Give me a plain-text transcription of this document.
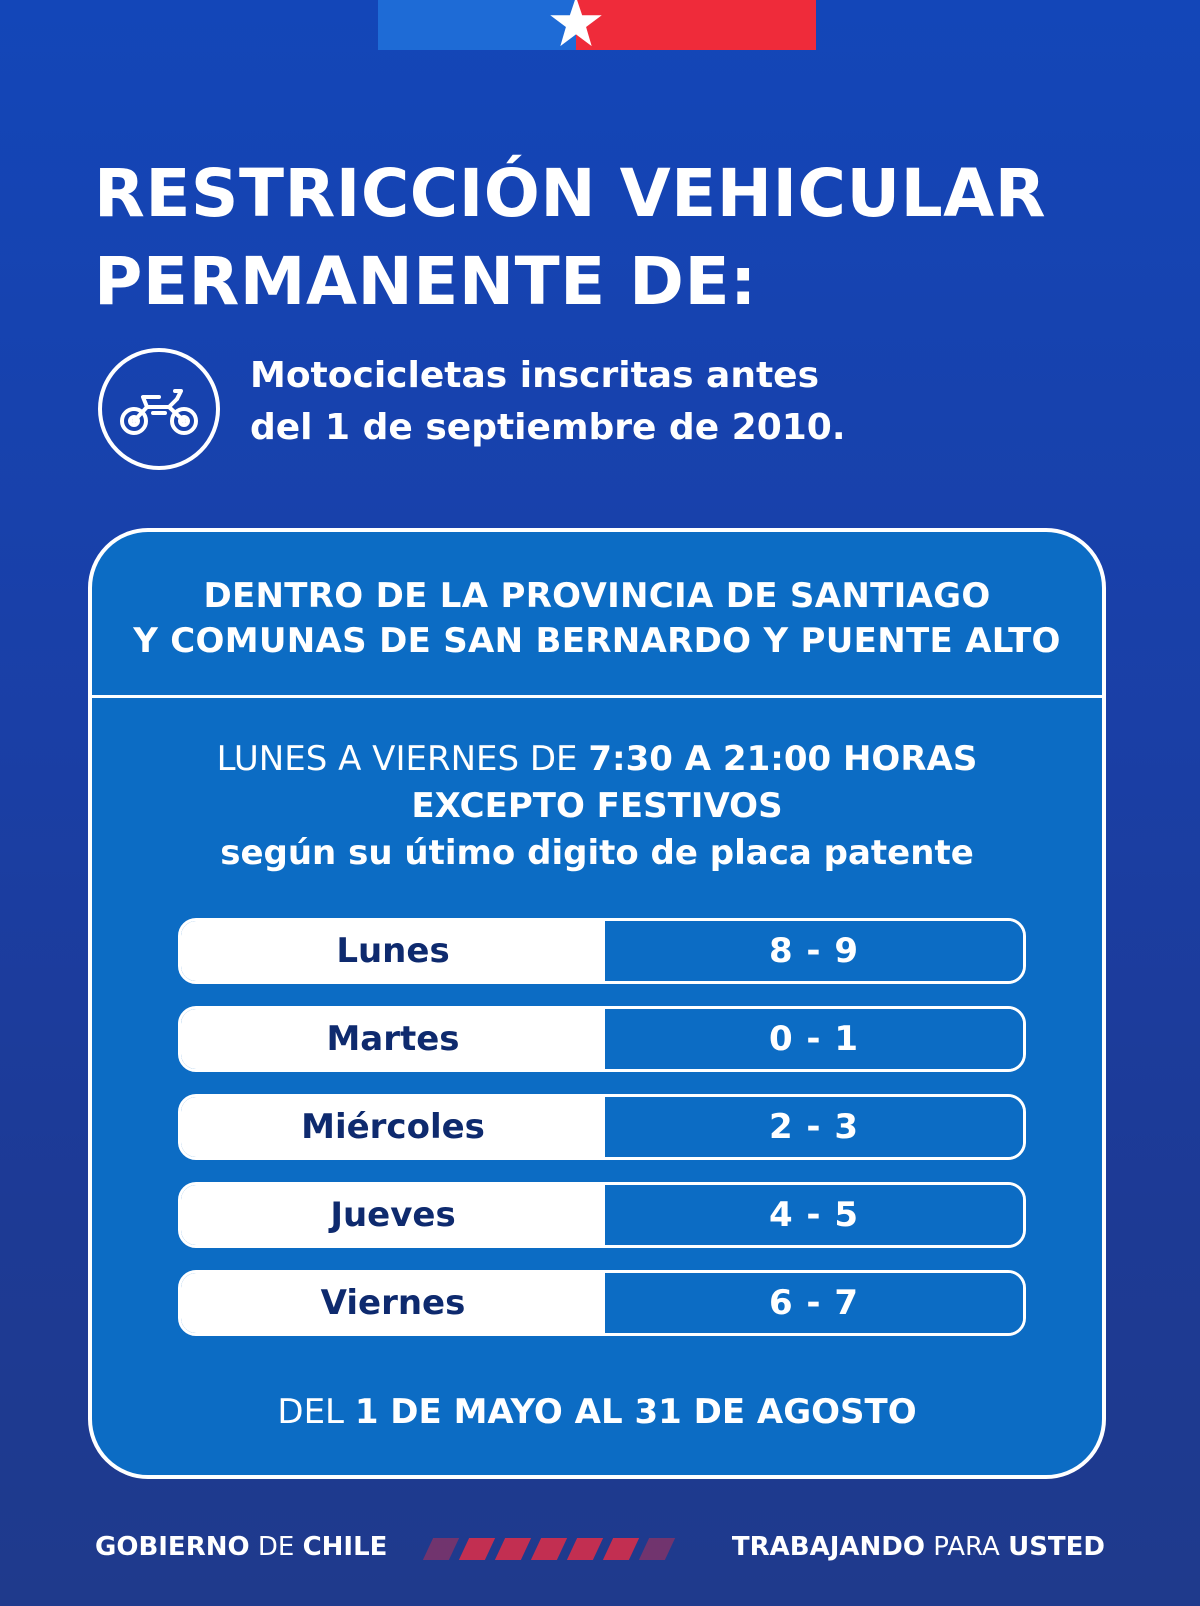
RESTRICCIÓN VEHICULAR
PERMANENTE DE:
Motocicletas inscritas antes
del 1 de septiembre de 2010.
DENTRO DE LA PROVINCIA DE SANTIAGO
Y COMUNAS DE SAN BERNARDO Y PUENTE ALTO
LUNES A VIERNES DE 7:30 A 21:00 HORAS
EXCEPTO FESTIVOS
según su útimo digito de placa patente
Lunes	8 - 9
Martes	0 - 1
Miércoles	2 - 3
Jueves	4 - 5
Viernes	6 - 7
DEL 1 DE MAYO AL 31 DE AGOSTO
GOBIERNO DE CHILE	TRABAJANDO PARA USTED
